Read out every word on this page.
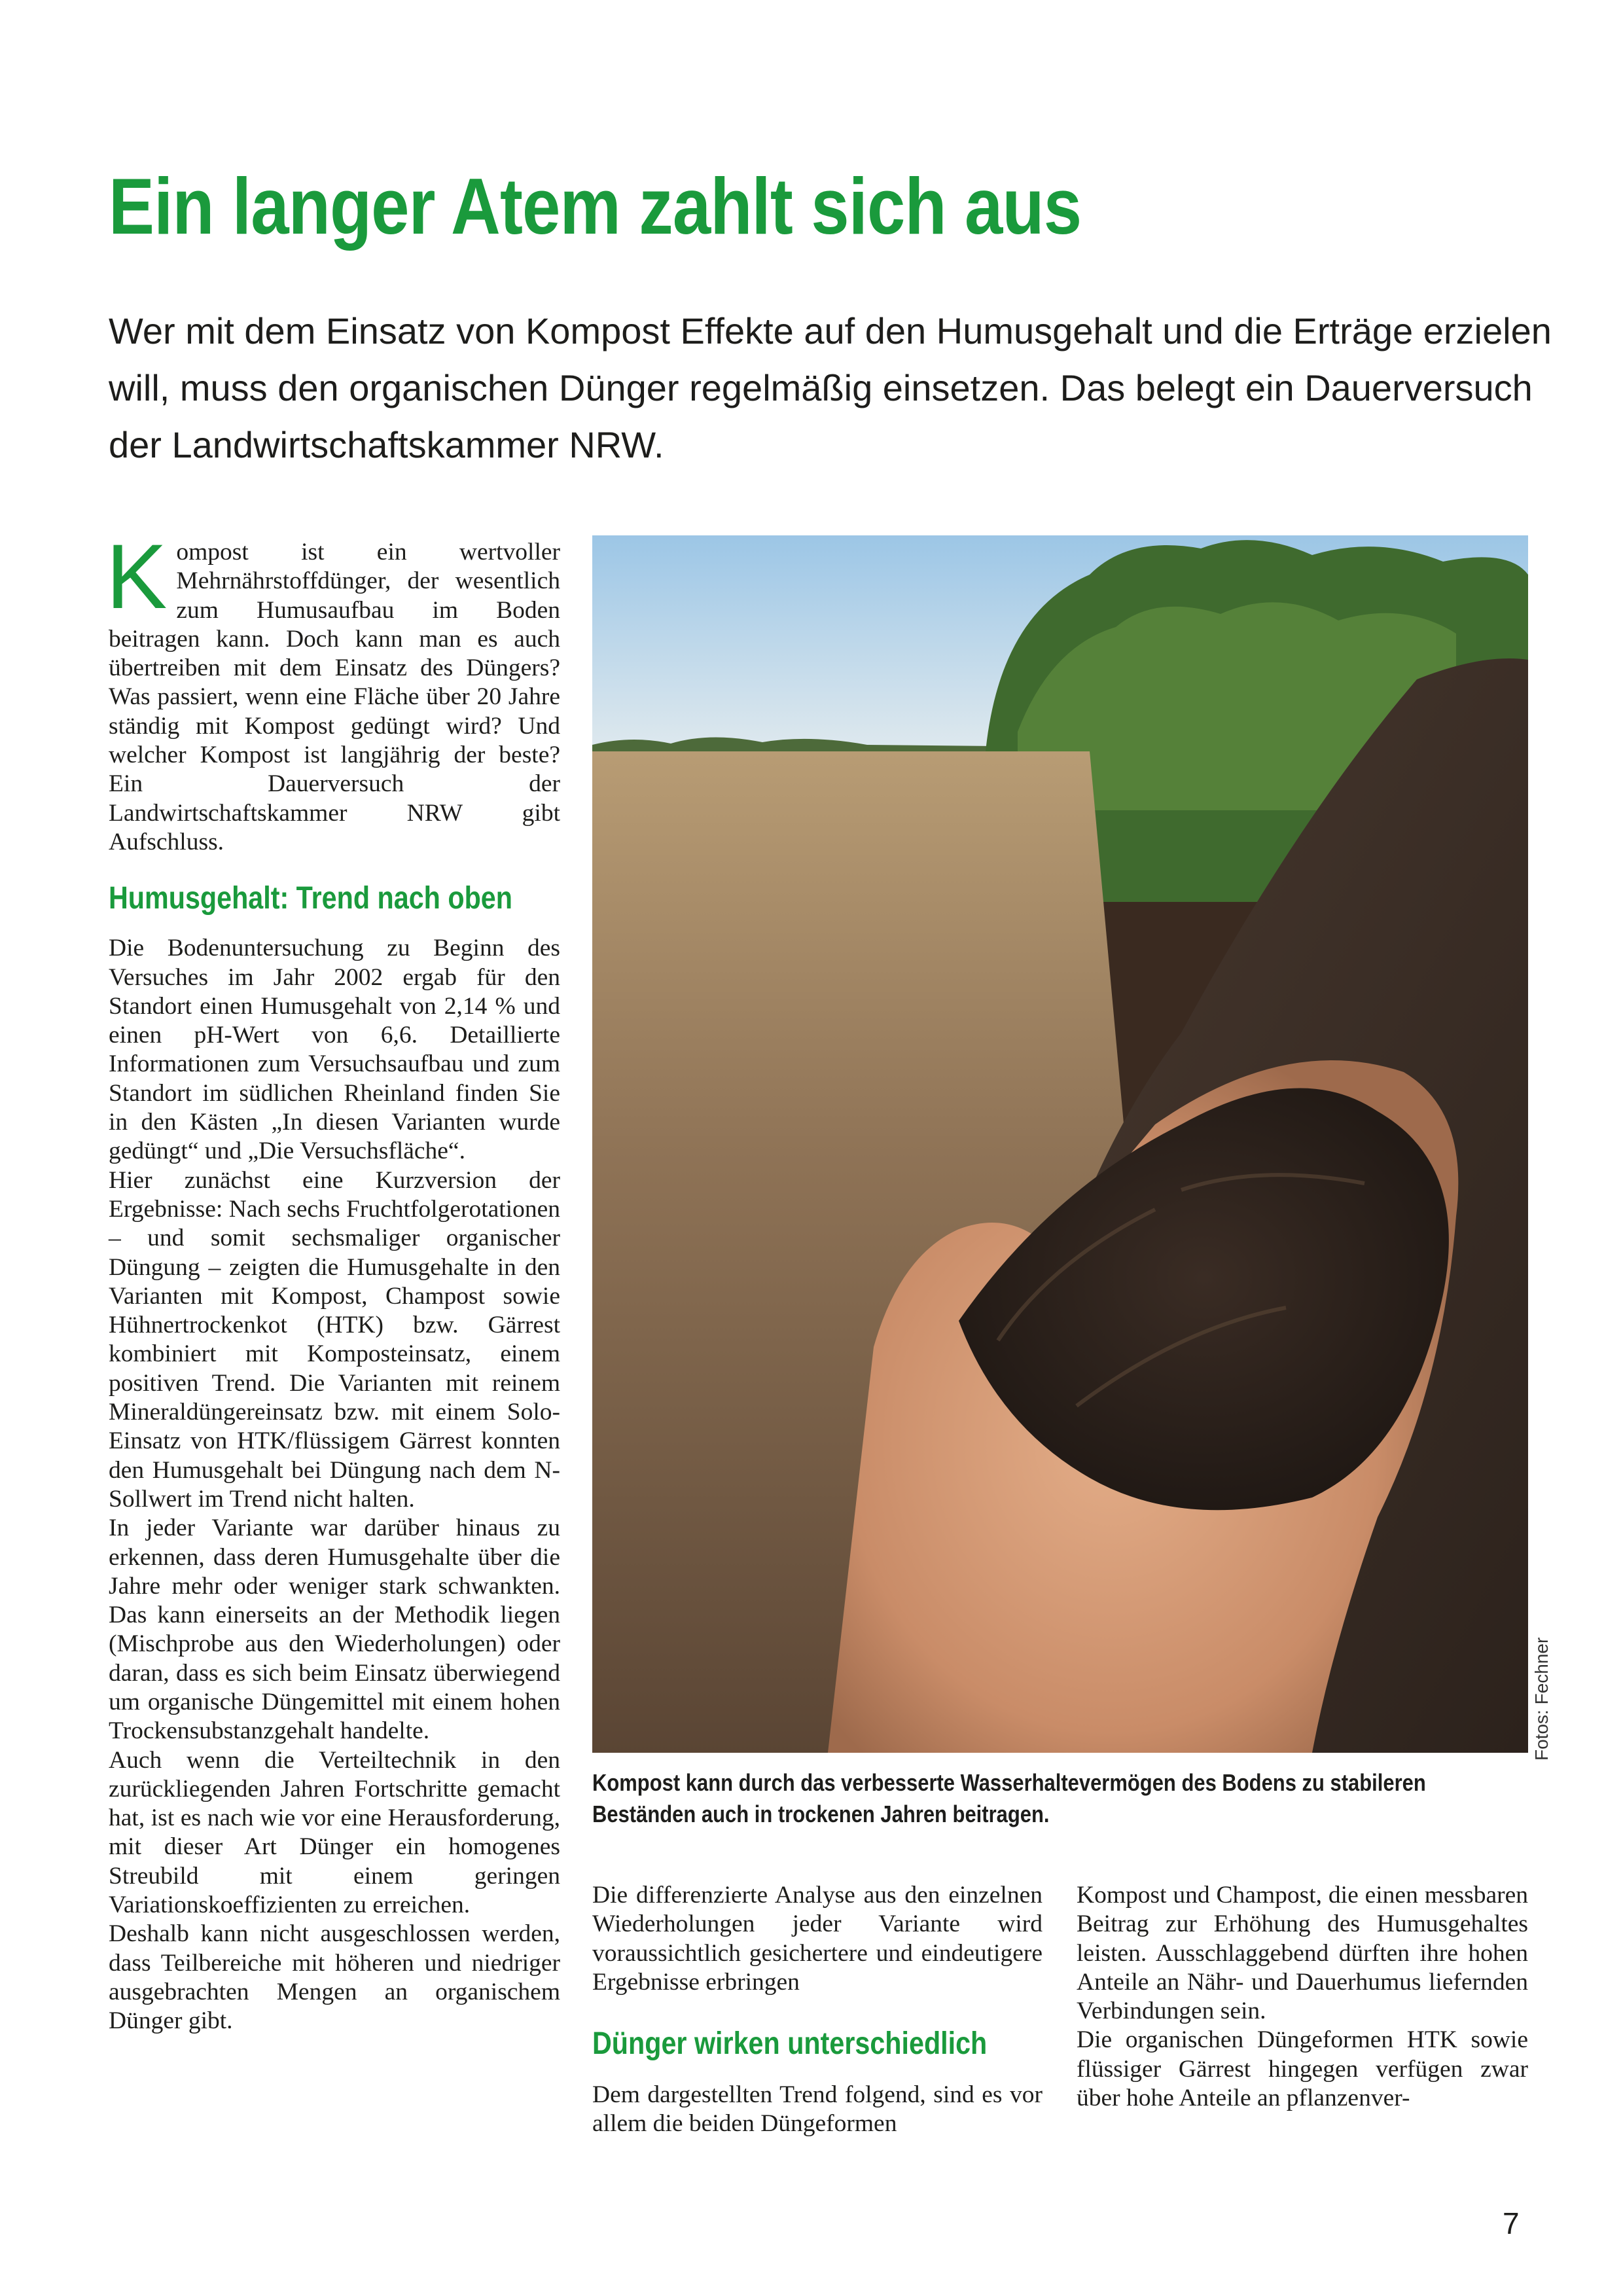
Ein langer Atem zahlt sich aus

Wer mit dem Einsatz von Kompost Effekte auf den Humusgehalt und die Erträge erzielen will, muss den organischen Dünger regelmäßig einsetzen. Das belegt ein Dauerversuch der Landwirtschaftskammer NRW.

Kompost ist ein wertvoller Mehrnährstoffdünger, der wesentlich zum Humusaufbau im Boden beitragen kann. Doch kann man es auch übertreiben mit dem Einsatz des Düngers? Was passiert, wenn eine Fläche über 20 Jahre ständig mit Kompost gedüngt wird? Und welcher Kompost ist langjährig der beste? Ein Dauerversuch der Landwirtschaftskammer NRW gibt Aufschluss.

Humusgehalt: Trend nach oben

Die Bodenuntersuchung zu Beginn des Versuches im Jahr 2002 ergab für den Standort einen Humusgehalt von 2,14 % und einen pH-Wert von 6,6. Detaillierte Informationen zum Versuchsaufbau und zum Standort im südlichen Rheinland finden Sie in den Kästen „In diesen Varianten wurde gedüngt“ und „Die Versuchsfläche“.

Hier zunächst eine Kurzversion der Ergebnisse: Nach sechs Fruchtfolgerotationen – und somit sechsmaliger organischer Düngung – zeigten die Humusgehalte in den Varianten mit Kompost, Champost sowie Hühnertrockenkot (HTK) bzw. Gärrest kombiniert mit Komposteinsatz, einem positiven Trend. Die Varianten mit reinem Mineraldüngereinsatz bzw. mit einem Solo-Einsatz von HTK/flüssigem Gärrest konnten den Humusgehalt bei Düngung nach dem N-Sollwert im Trend nicht halten.

In jeder Variante war darüber hinaus zu erkennen, dass deren Humusgehalte über die Jahre mehr oder weniger stark schwankten. Das kann einerseits an der Methodik liegen (Mischprobe aus den Wiederholungen) oder daran, dass es sich beim Einsatz überwiegend um organische Düngemittel mit einem hohen Trockensubstanzgehalt handelte.

Auch wenn die Verteiltechnik in den zurückliegenden Jahren Fortschritte gemacht hat, ist es nach wie vor eine Herausforderung, mit dieser Art Dünger ein homogenes Streubild mit einem geringen Variationskoeffizienten zu erreichen.

Deshalb kann nicht ausgeschlossen werden, dass Teilbereiche mit höheren und niedriger ausgebrachten Mengen an organischem Dünger gibt.

Fotos: Fechner

Kompost kann durch das verbesserte Wasserhaltevermögen des Bodens zu stabileren Beständen auch in trockenen Jahren beitragen.

Die differenzierte Analyse aus den einzelnen Wiederholungen jeder Variante wird voraussichtlich gesichertere und eindeutigere Ergebnisse erbringen

Dünger wirken unterschiedlich

Dem dargestellten Trend folgend, sind es vor allem die beiden Düngeformen

Kompost und Champost, die einen messbaren Beitrag zur Erhöhung des Humusgehaltes leisten. Ausschlaggebend dürften ihre hohen Anteile an Nähr- und Dauerhumus liefernden Verbindungen sein.

Die organischen Düngeformen HTK sowie flüssiger Gärrest hingegen verfügen zwar über hohe Anteile an pflanzenver-

7
